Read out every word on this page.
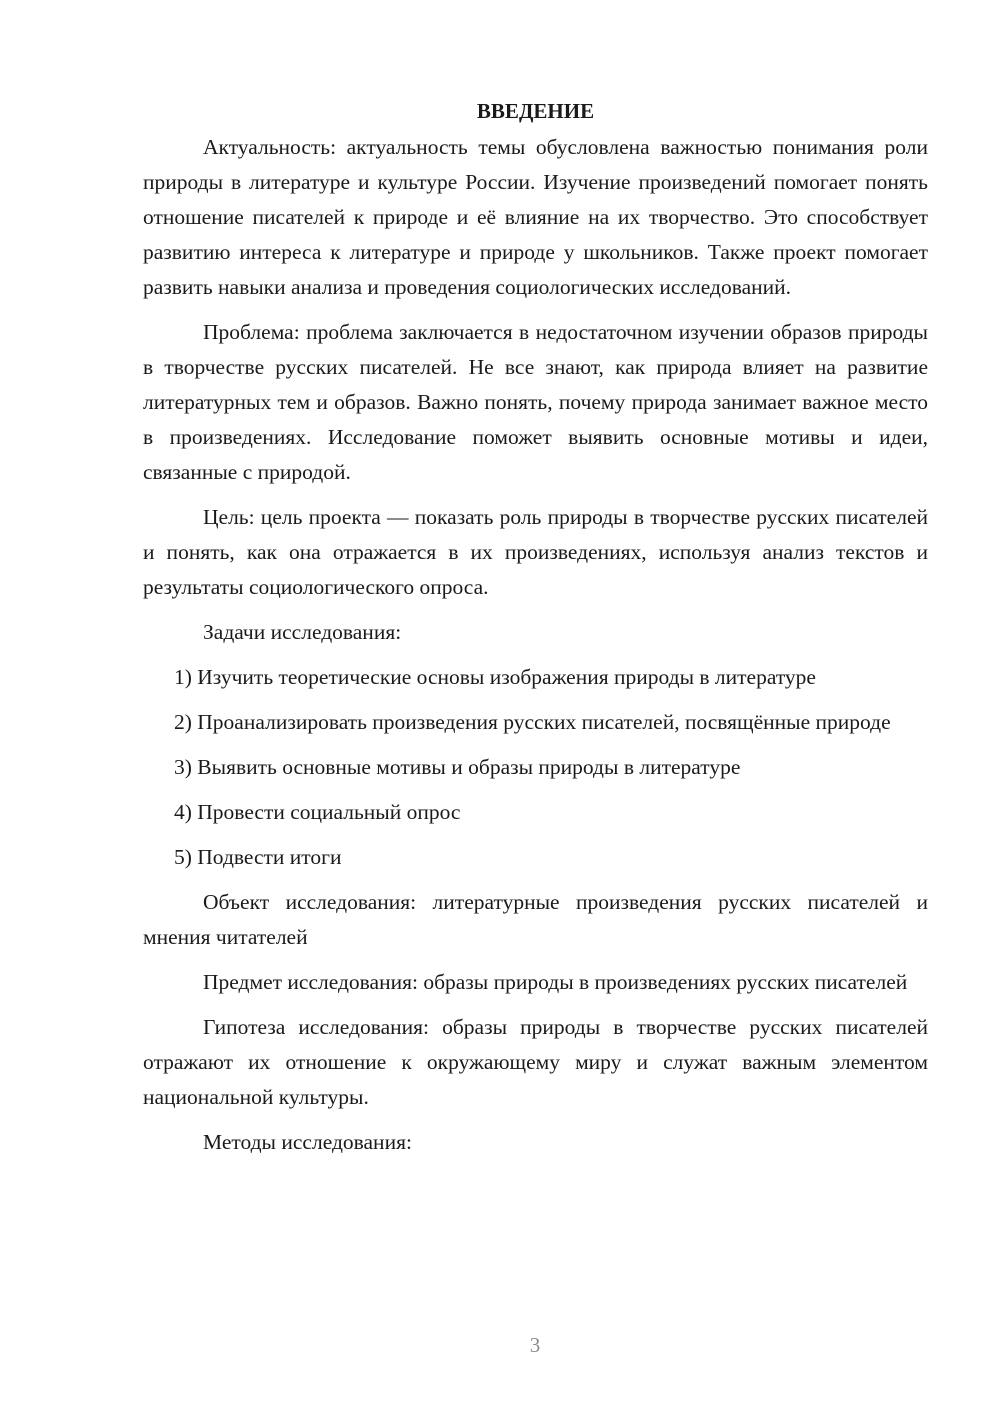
ВВЕДЕНИЕ

Актуальность: актуальность темы обусловлена важностью понимания роли природы в литературе и культуре России. Изучение произведений помогает понять отношение писателей к природе и её влияние на их творчество. Это способствует развитию интереса к литературе и природе у школьников. Также проект помогает развить навыки анализа и проведения социологических исследований.

Проблема: проблема заключается в недостаточном изучении образов природы в творчестве русских писателей. Не все знают, как природа влияет на развитие литературных тем и образов. Важно понять, почему природа занимает важное место в произведениях. Исследование поможет выявить основные мотивы и идеи, связанные с природой.

Цель: цель проекта — показать роль природы в творчестве русских писателей и понять, как она отражается в их произведениях, используя анализ текстов и результаты социологического опроса.

Задачи исследования:

1) Изучить теоретические основы изображения природы в литературе

2) Проанализировать произведения русских писателей, посвящённые природе

3) Выявить основные мотивы и образы природы в литературе

4) Провести социальный опрос

5) Подвести итоги

Объект исследования: литературные произведения русских писателей и мнения читателей

Предмет исследования: образы природы в произведениях русских писателей

Гипотеза исследования: образы природы в творчестве русских писателей отражают их отношение к окружающему миру и служат важным элементом национальной культуры.

Методы исследования:

3
